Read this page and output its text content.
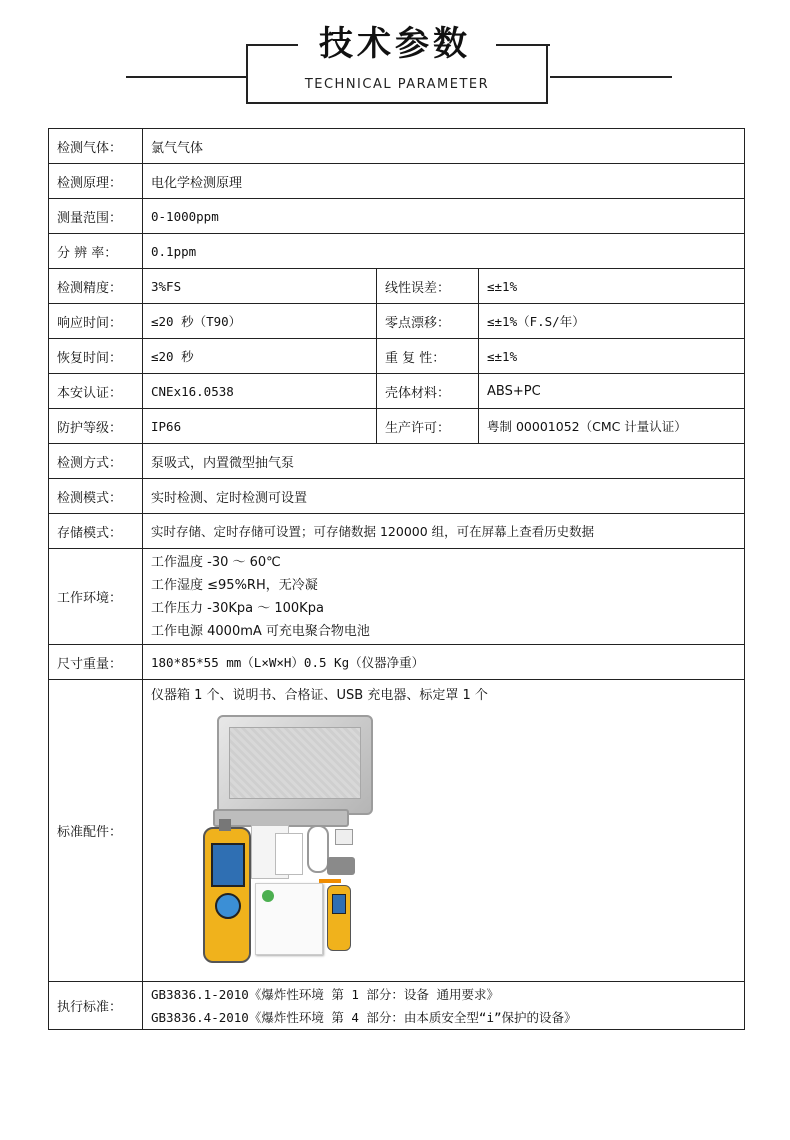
技术参数
TECHNICAL PARAMETER
检测气体：	氯气气体		
检测原理：	电化学检测原理		
测量范围：	0-1000ppm		
分 辨 率：	0.1ppm		
检测精度：	3%FS	线性误差：	≤±1%
响应时间：	≤20 秒（T90）	零点漂移：	≤±1%（F.S/年）
恢复时间：	≤20 秒	重 复 性：	≤±1%
本安认证：	CNEx16.0538	壳体材料：	ABS+PC
防护等级：	IP66	生产许可：	粤制 00001052（CMC 计量认证）
检测方式：	泵吸式，内置微型抽气泵		
检测模式：	实时检测、定时检测可设置		
存储模式：	实时存储、定时存储可设置；可存储数据 120000 组，可在屏幕上查看历史数据		
工作环境：	工作温度 -30 ～ 60℃
工作湿度 ≤95%RH，无冷凝
工作压力 -30Kpa ～ 100Kpa
工作电源 4000mA 可充电聚合物电池		

尺寸重量：	180*85*55 mm（L×W×H）0.5 Kg（仪器净重）		
标准配件：	仪器箱 1 个、说明书、合格证、USB 充电器、标定罩 1 个		

执行标准：	GB3836.1-2010《爆炸性环境 第 1 部分：设备 通用要求》
GB3836.4-2010《爆炸性环境 第 4 部分：由本质安全型“i”保护的设备》		
